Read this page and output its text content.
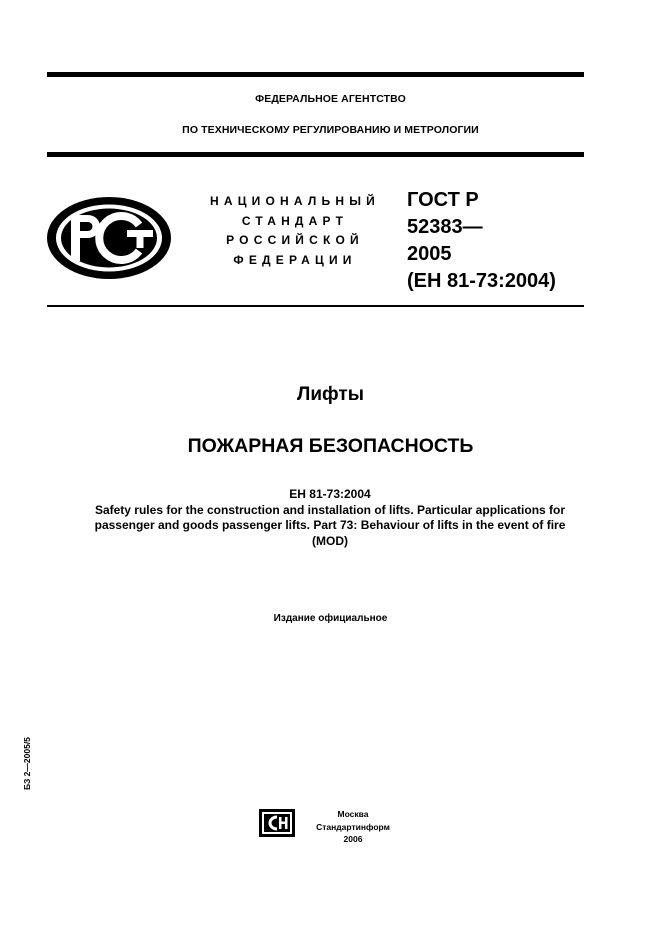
ФЕДЕРАЛЬНОЕ АГЕНТСТВО
ПО ТЕХНИЧЕСКОМУ РЕГУЛИРОВАНИЮ И МЕТРОЛОГИИ
НАЦИОНАЛЬНЫЙ
СТАНДАРТ
РОССИЙСКОЙ
ФЕДЕРАЦИИ
ГОСТ Р
52383—
2005
(ЕН 81-73:2004)
Лифты
ПОЖАРНАЯ БЕЗОПАСНОСТЬ
ЕН 81-73:2004
Safety rules for the construction and installation of lifts. Particular applications for
passenger and goods passenger lifts. Part 73: Behaviour of lifts in the event of fire
(MOD)
Издание официальное
БЗ 2—2005/5
Москва
Стандартинформ
2006
